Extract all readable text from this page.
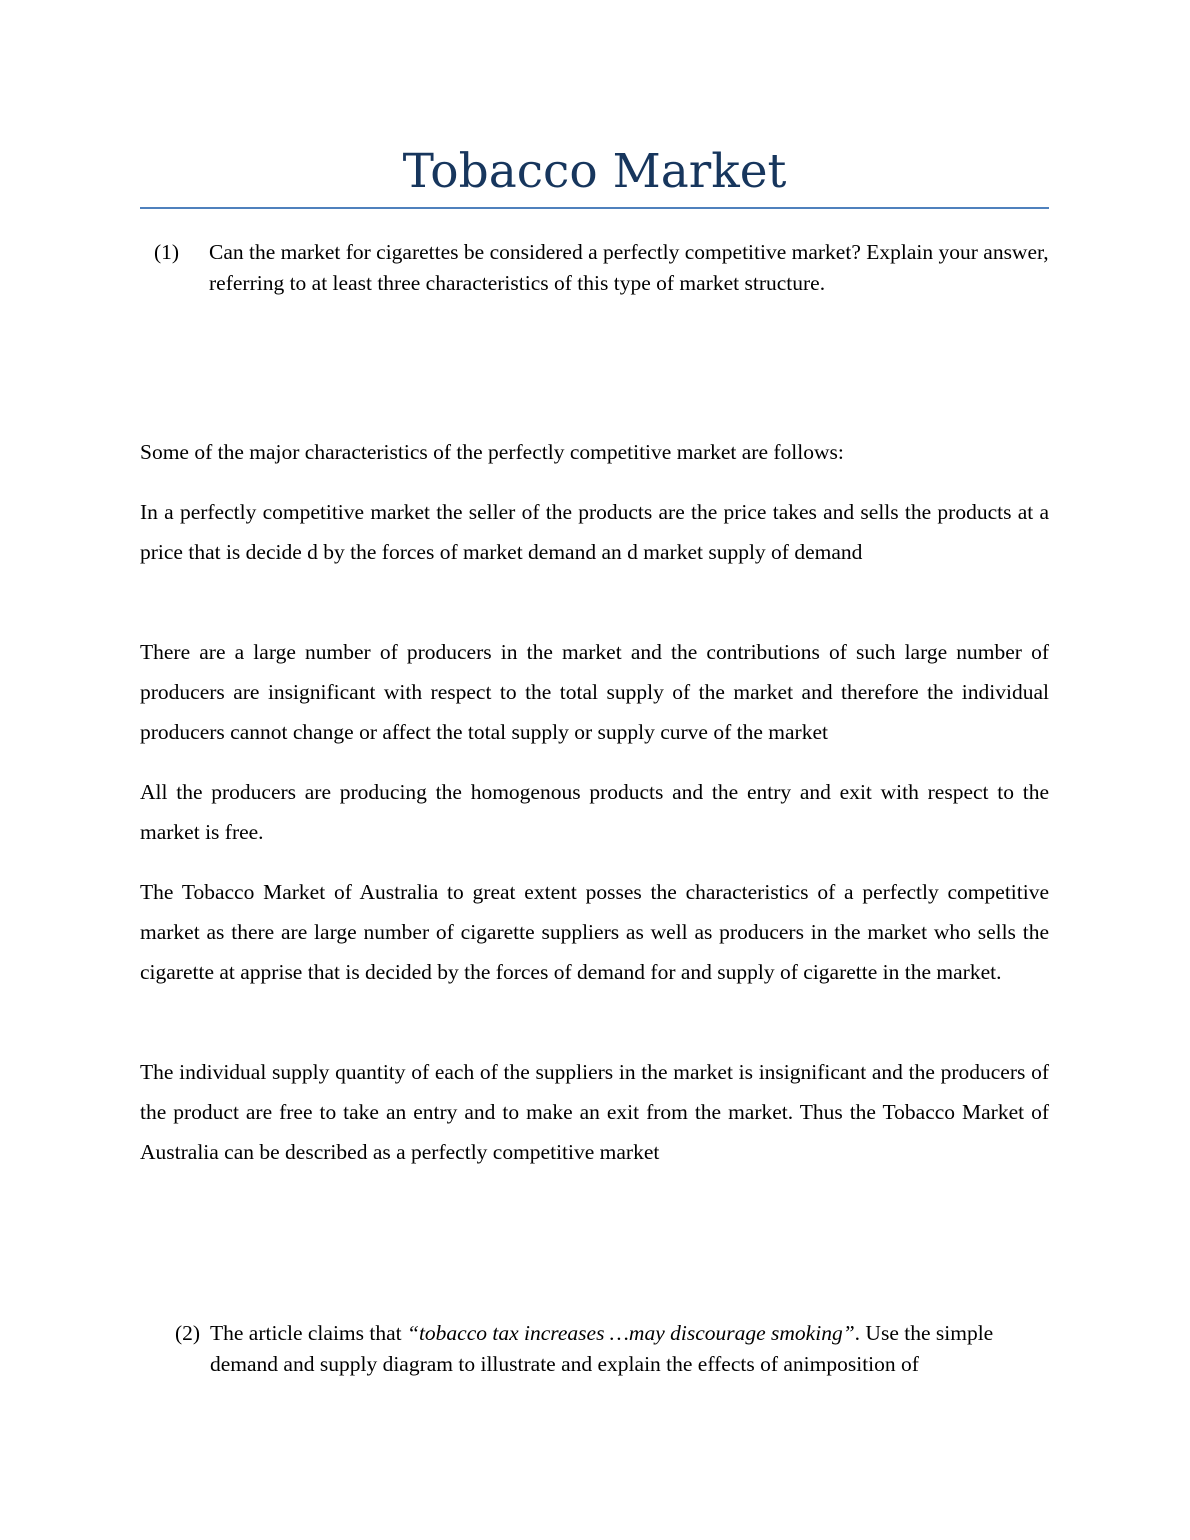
Tobacco Market
(1) Can the market for cigarettes be considered a perfectly competitive market? Explain your answer, referring to at least three characteristics of this type of market structure.

Some of the major characteristics of the perfectly competitive market are follows:

In a perfectly competitive market the seller of the products are the price takes and sells the products at a price that is decide d by the forces of market demand an d market supply of demand

There are a large number of producers in the market and the contributions of such large number of producers are insignificant with respect to the total supply of the market and therefore the individual producers cannot change or affect the total supply or supply curve of the market

All the producers are producing the homogenous products and the entry and exit with respect to the market is free.

The Tobacco Market of Australia to great extent posses the characteristics of a perfectly competitive market as there are large number of cigarette suppliers as well as producers in the market who sells the cigarette at apprise that is decided by the forces of demand for and supply of cigarette in the market.

The individual supply quantity of each of the suppliers in the market is insignificant and the producers of the product are free to take an entry and to make an exit from the market. Thus the Tobacco Market of Australia can be described as a perfectly competitive market

(2) The article claims that “tobacco tax increases …may discourage smoking”. Use the simple demand and supply diagram to illustrate and explain the effects of animposition of
